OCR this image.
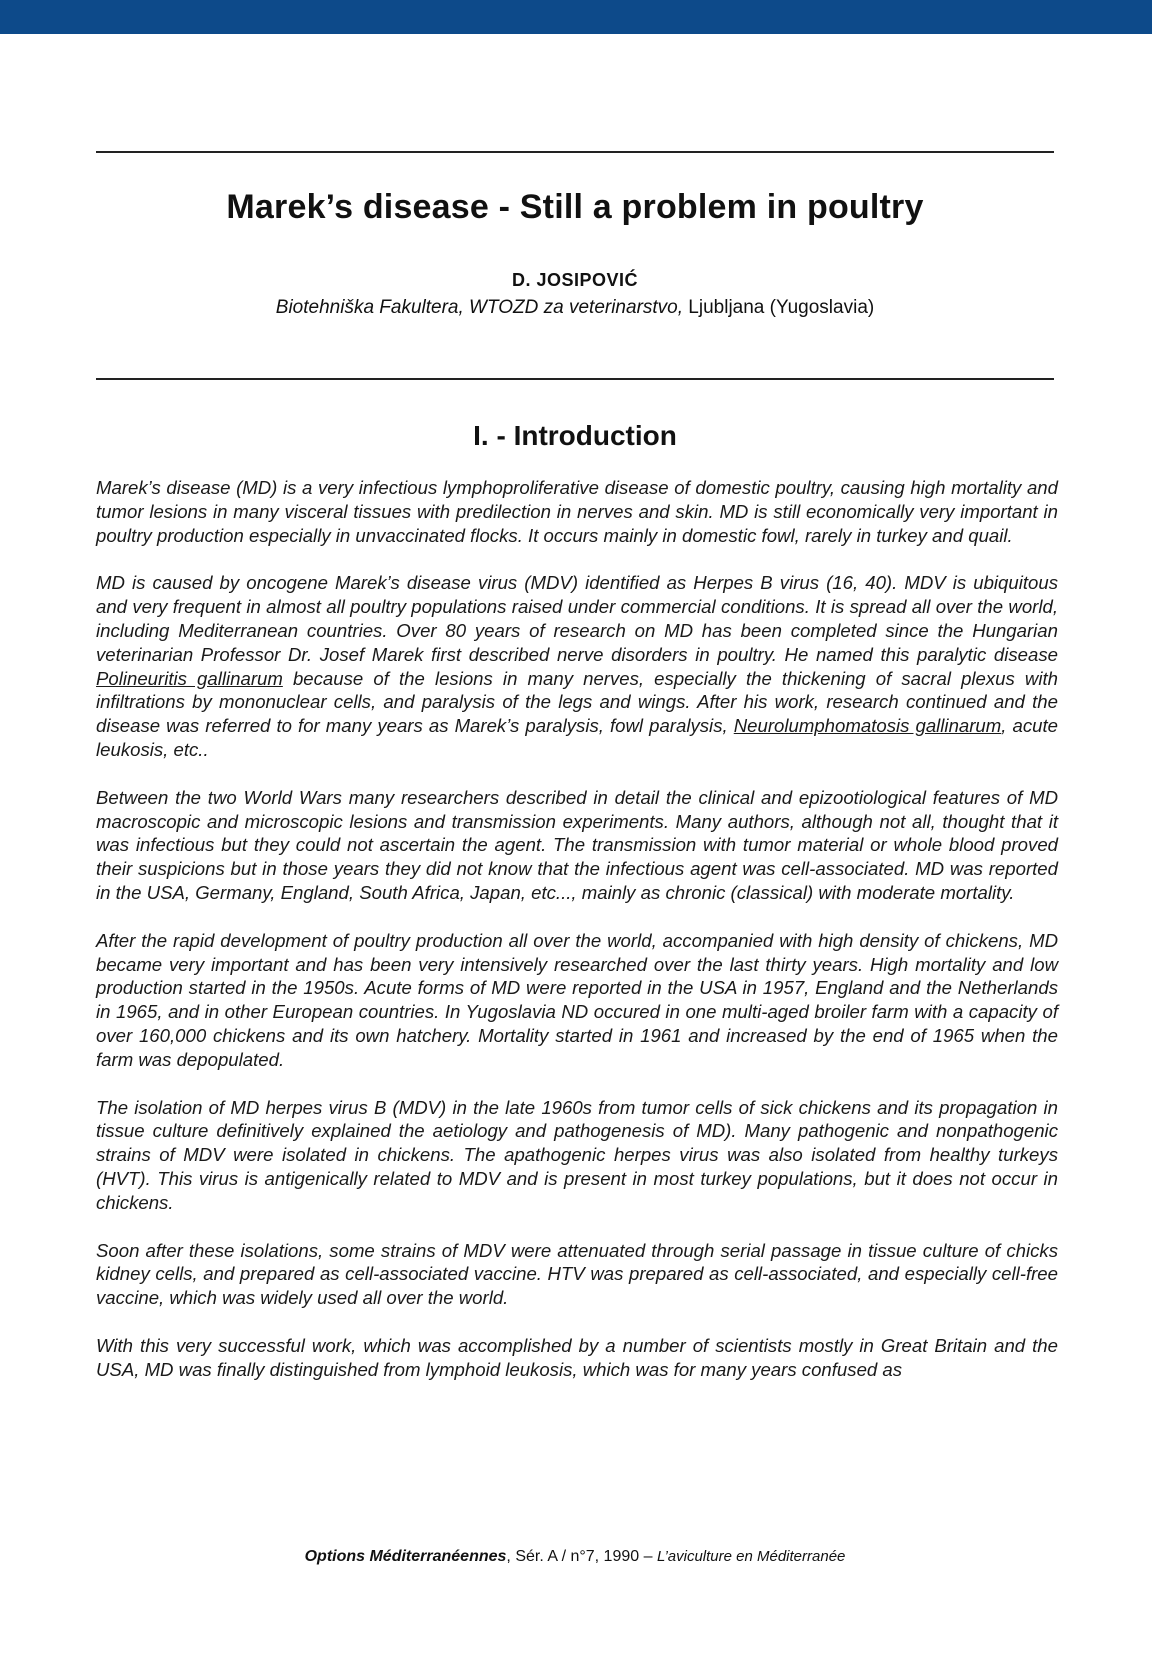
Marek’s disease - Still a problem in poultry
D. JOSIPOVIĆ
Biotehniška Fakultera, WTOZD za veterinarstvo, Ljubljana (Yugoslavia)
I. - Introduction

Marek’s disease (MD) is a very infectious lymphoproliferative disease of domestic poultry, causing high mortality and tumor lesions in many visceral tissues with predilection in nerves and skin. MD is still economically very important in poultry production especially in unvaccinated flocks. It occurs mainly in domestic fowl, rarely in turkey and quail.

MD is caused by oncogene Marek’s disease virus (MDV) identified as Herpes B virus (16, 40). MDV is ubiquitous and very frequent in almost all poultry populations raised under commercial conditions. It is spread all over the world, including Mediterranean countries. Over 80 years of research on MD has been completed since the Hungarian veterinarian Professor Dr. Josef Marek first described nerve disorders in poultry. He named this paralytic disease Polineuritis gallinarum because of the lesions in many nerves, especially the thickening of sacral plexus with infiltrations by mononuclear cells, and paralysis of the legs and wings. After his work, research continued and the disease was referred to for many years as Marek’s paralysis, fowl paralysis, Neurolumphomatosis gallinarum, acute leukosis, etc..

Between the two World Wars many researchers described in detail the clinical and epizootiological features of MD macroscopic and microscopic lesions and transmission experiments. Many authors, although not all, thought that it was infectious but they could not ascertain the agent. The transmission with tumor material or whole blood proved their suspicions but in those years they did not know that the infectious agent was cell-associated. MD was reported in the USA, Germany, England, South Africa, Japan, etc..., mainly as chronic (classical) with moderate mortality.

After the rapid development of poultry production all over the world, accompanied with high density of chickens, MD became very important and has been very intensively researched over the last thirty years. High mortality and low production started in the 1950s. Acute forms of MD were reported in the USA in 1957, England and the Netherlands in 1965, and in other European countries. In Yugoslavia ND occured in one multi-aged broiler farm with a capacity of over 160,000 chickens and its own hatchery. Mortality started in 1961 and increased by the end of 1965 when the farm was depopulated.

The isolation of MD herpes virus B (MDV) in the late 1960s from tumor cells of sick chickens and its propagation in tissue culture definitively explained the aetiology and pathogenesis of MD). Many pathogenic and nonpathogenic strains of MDV were isolated in chickens. The apathogenic herpes virus was also isolated from healthy turkeys (HVT). This virus is antigenically related to MDV and is present in most turkey populations, but it does not occur in chickens.

Soon after these isolations, some strains of MDV were attenuated through serial passage in tissue culture of chicks kidney cells, and prepared as cell-associated vaccine. HTV was prepared as cell-associated, and especially cell-free vaccine, which was widely used all over the world.

With this very successful work, which was accomplished by a number of scientists mostly in Great Britain and the USA, MD was finally distinguished from lymphoid leukosis, which was for many years confused as

Options Méditerranéennes, Sér. A / n°7, 1990 – L’aviculture en Méditerranée
